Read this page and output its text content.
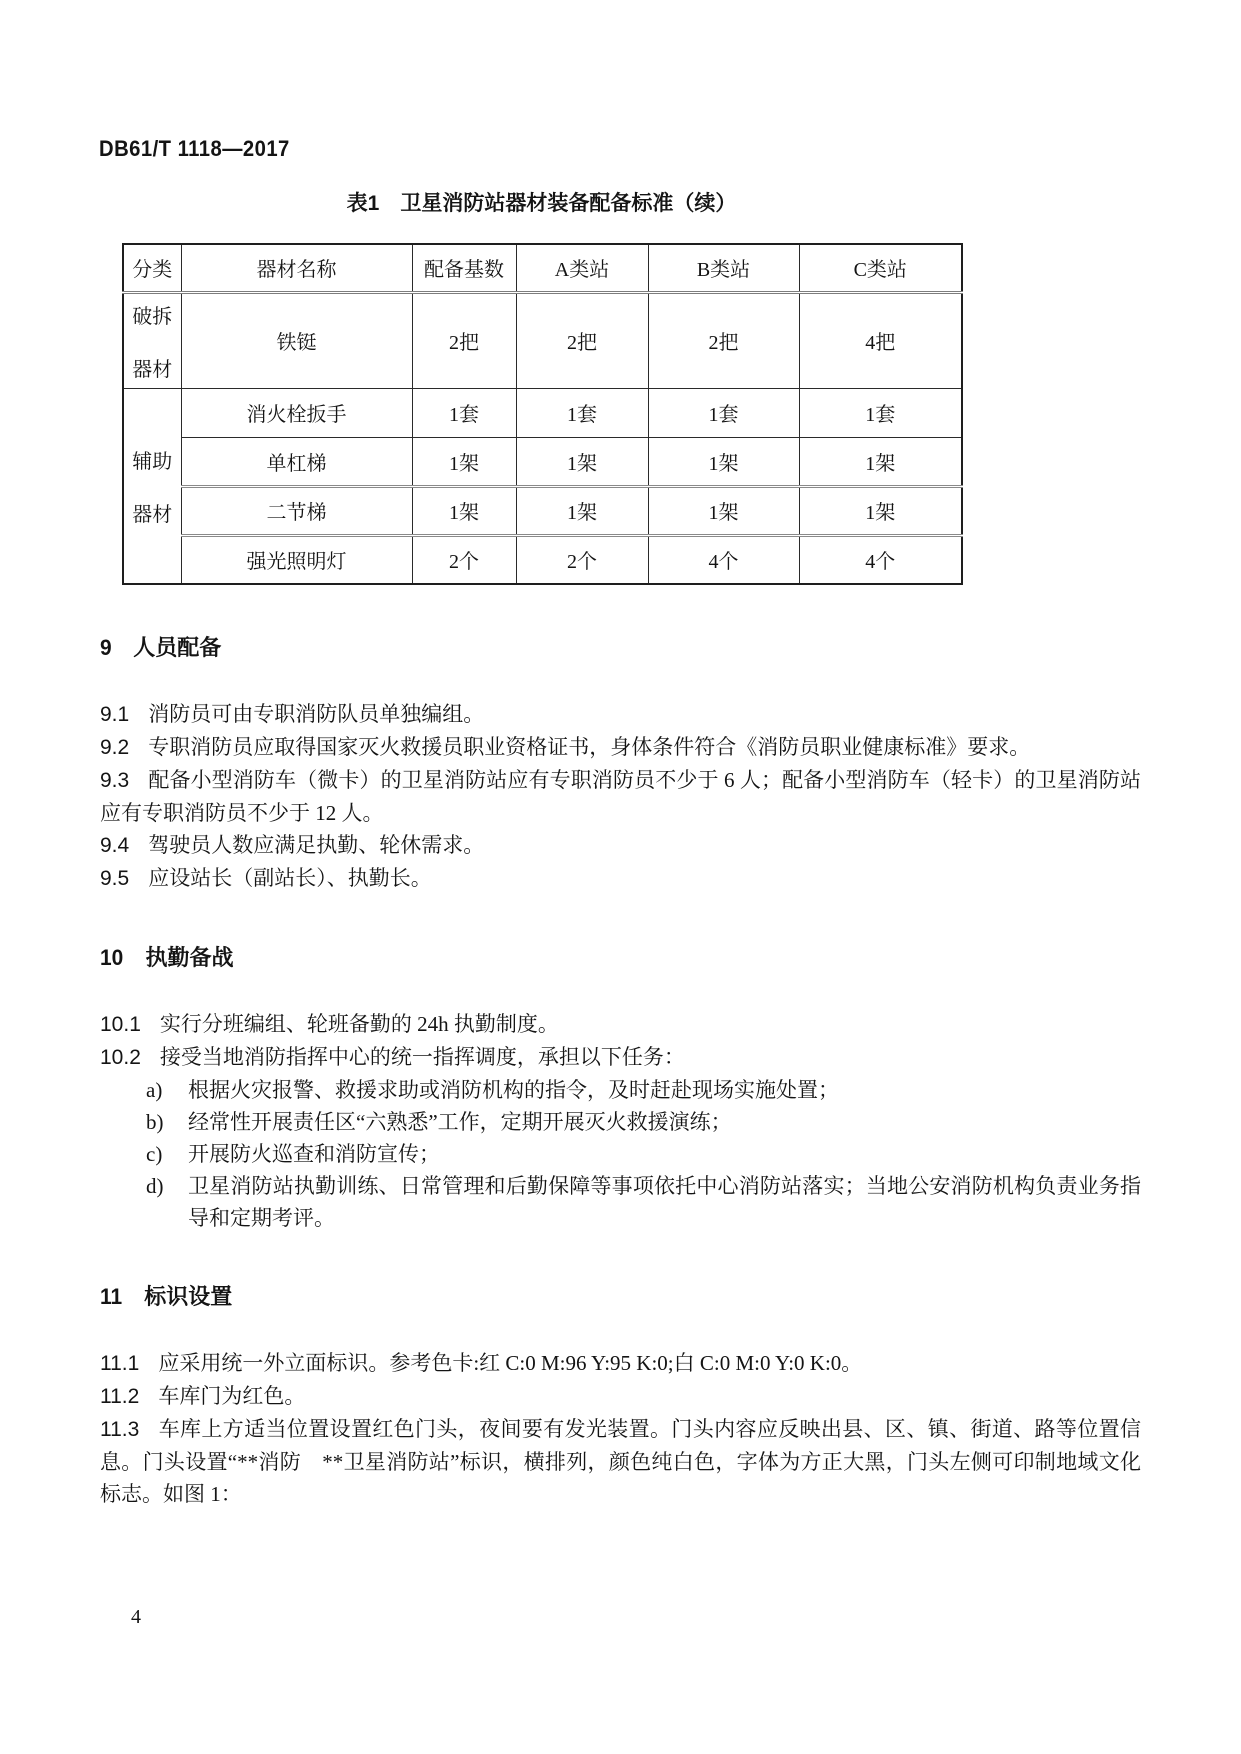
DB61/T 1118—2017
表1　卫星消防站器材装备配备标准（续）
分类	器材名称	配备基数	A类站	B类站	C类站

破拆
器材	铁铤	2把	2把	2把	4把

辅助
器材	消火栓扳手	1套	1套	1套	1套
	单杠梯	1架	1架	1架	1架
	二节梯	1架	1架	1架	1架
	强光照明灯	2个	2个	4个	4个
9 人员配备

9.1 消防员可由专职消防队员单独编组。

9.2 专职消防员应取得国家灭火救援员职业资格证书，身体条件符合《消防员职业健康标准》要求。

9.3 配备小型消防车（微卡）的卫星消防站应有专职消防员不少于 6 人；配备小型消防车（轻卡）的卫星消防站应有专职消防员不少于 12 人。

9.4 驾驶员人数应满足执勤、轮休需求。

9.5 应设站长（副站长）、执勤长。

10 执勤备战

10.1 实行分班编组、轮班备勤的 24h 执勤制度。

10.2 接受当地消防指挥中心的统一指挥调度，承担以下任务：

a)	根据火灾报警、救援求助或消防机构的指令，及时赶赴现场实施处置；
b)	经常性开展责任区“六熟悉”工作，定期开展灭火救援演练；
c)	开展防火巡查和消防宣传；
d)	卫星消防站执勤训练、日常管理和后勤保障等事项依托中心消防站落实；当地公安消防机构负责业务指导和定期考评。
11 标识设置

11.1 应采用统一外立面标识。参考色卡:红 C:0 M:96 Y:95 K:0;白 C:0 M:0 Y:0 K:0。

11.2 车库门为红色。

11.3 车库上方适当位置设置红色门头，夜间要有发光装置。门头内容应反映出县、区、镇、街道、路等位置信息。门头设置“**消防　**卫星消防站”标识，横排列，颜色纯白色，字体为方正大黑，门头左侧可印制地域文化标志。如图 1：

4
